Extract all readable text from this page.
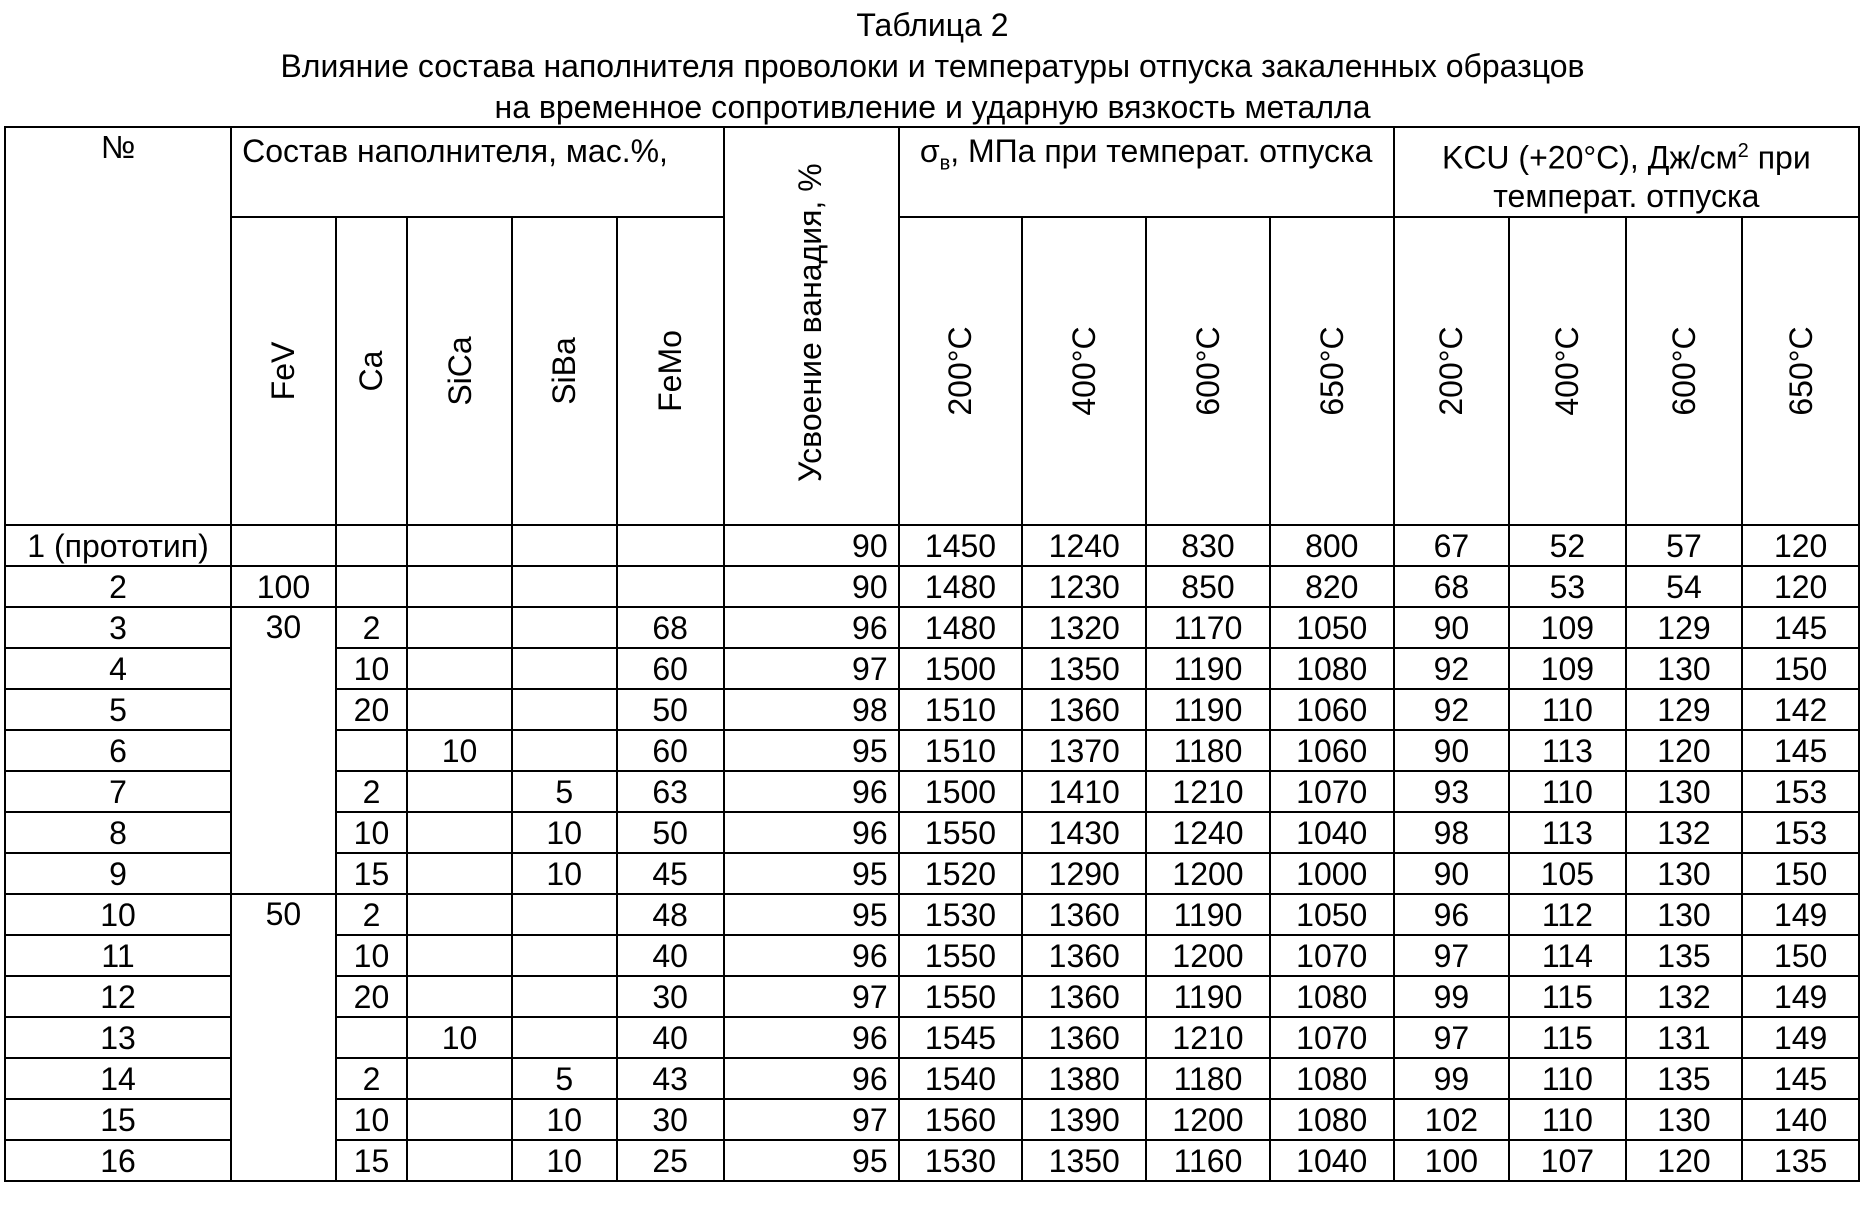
Таблица 2
Влияние состава наполнителя проволоки и температуры отпуска закаленных образцов
на временное сопротивление и ударную вязкость металла
№	Состав наполнителя, мас.%,	
Усвоение ванадия, %
	σв, МПа при температ. отпуска	KCU (+20°C), Дж/см2 при температ. отпуска

FeV	Ca	SiCa	SiBa	FeMo	200°C	400°C	600°C	650°C	200°C	400°C	600°C	650°C

1 (прототип)						90	1450	1240	830	800	67	52	57	120
2	100					90	1480	1230	850	820	68	53	54	120
3	30	2			68	96	1480	1320	1170	1050	90	109	129	145
4	10			60	97	1500	1350	1190	1080	92	109	130	150
5	20			50	98	1510	1360	1190	1060	92	110	129	142
6		10		60	95	1510	1370	1180	1060	90	113	120	145
7	2		5	63	96	1500	1410	1210	1070	93	110	130	153
8	10		10	50	96	1550	1430	1240	1040	98	113	132	153
9	15		10	45	95	1520	1290	1200	1000	90	105	130	150
10	50	2			48	95	1530	1360	1190	1050	96	112	130	149
11	10			40	96	1550	1360	1200	1070	97	114	135	150
12	20			30	97	1550	1360	1190	1080	99	115	132	149
13		10		40	96	1545	1360	1210	1070	97	115	131	149
14	2		5	43	96	1540	1380	1180	1080	99	110	135	145
15	10		10	30	97	1560	1390	1200	1080	102	110	130	140
16	15		10	25	95	1530	1350	1160	1040	100	107	120	135
